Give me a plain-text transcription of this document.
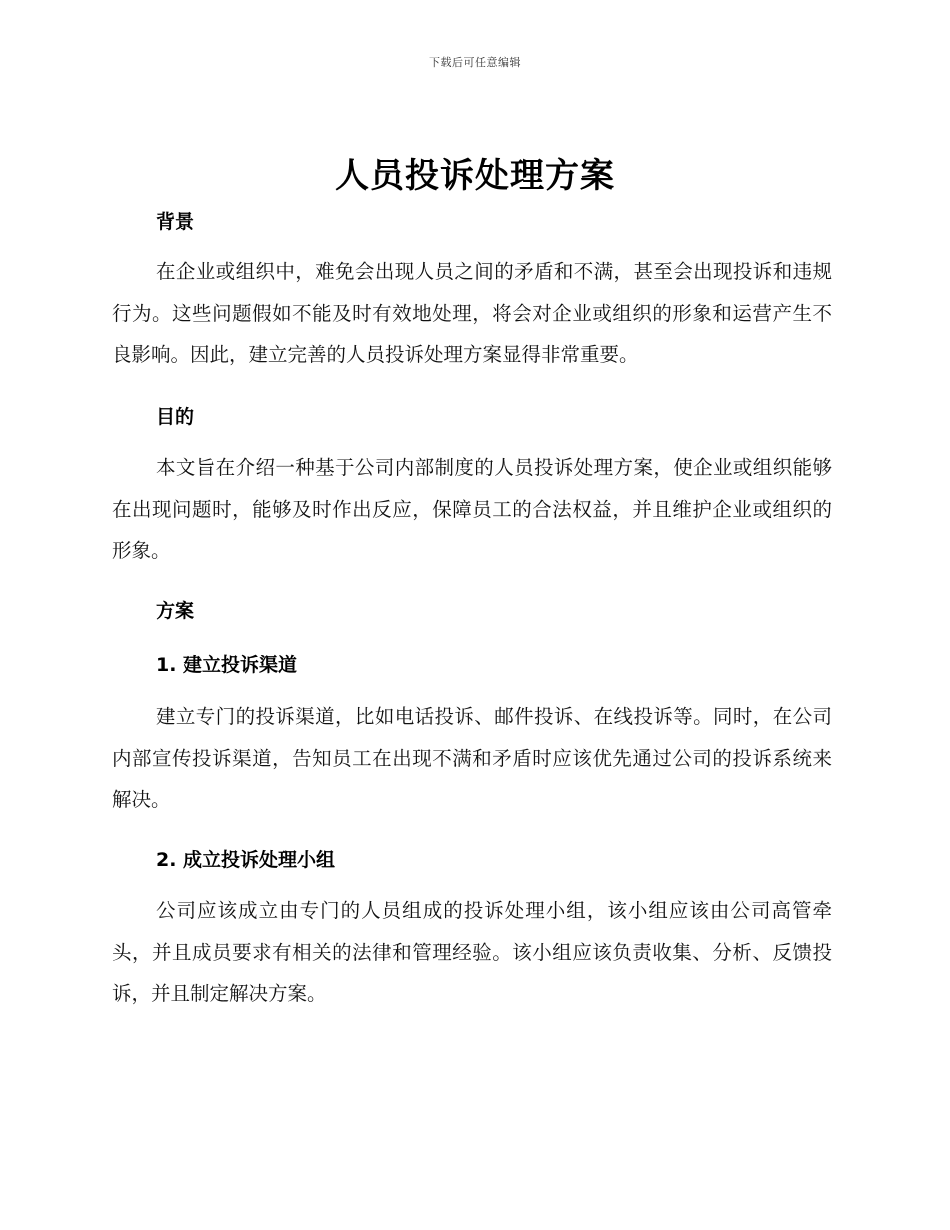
下载后可任意编辑
人员投诉处理方案
背景

在企业或组织中，难免会出现人员之间的矛盾和不满，甚至会出现投诉和违规行为。这些问题假如不能及时有效地处理，将会对企业或组织的形象和运营产生不良影响。因此，建立完善的人员投诉处理方案显得非常重要。

目的

本文旨在介绍一种基于公司内部制度的人员投诉处理方案，使企业或组织能够在出现问题时，能够及时作出反应，保障员工的合法权益，并且维护企业或组织的形象。

方案
1. 建立投诉渠道

建立专门的投诉渠道，比如电话投诉、邮件投诉、在线投诉等。同时，在公司内部宣传投诉渠道，告知员工在出现不满和矛盾时应该优先通过公司的投诉系统来解决。

2. 成立投诉处理小组

公司应该成立由专门的人员组成的投诉处理小组，该小组应该由公司高管牵头，并且成员要求有相关的法律和管理经验。该小组应该负责收集、分析、反馈投诉，并且制定解决方案。
